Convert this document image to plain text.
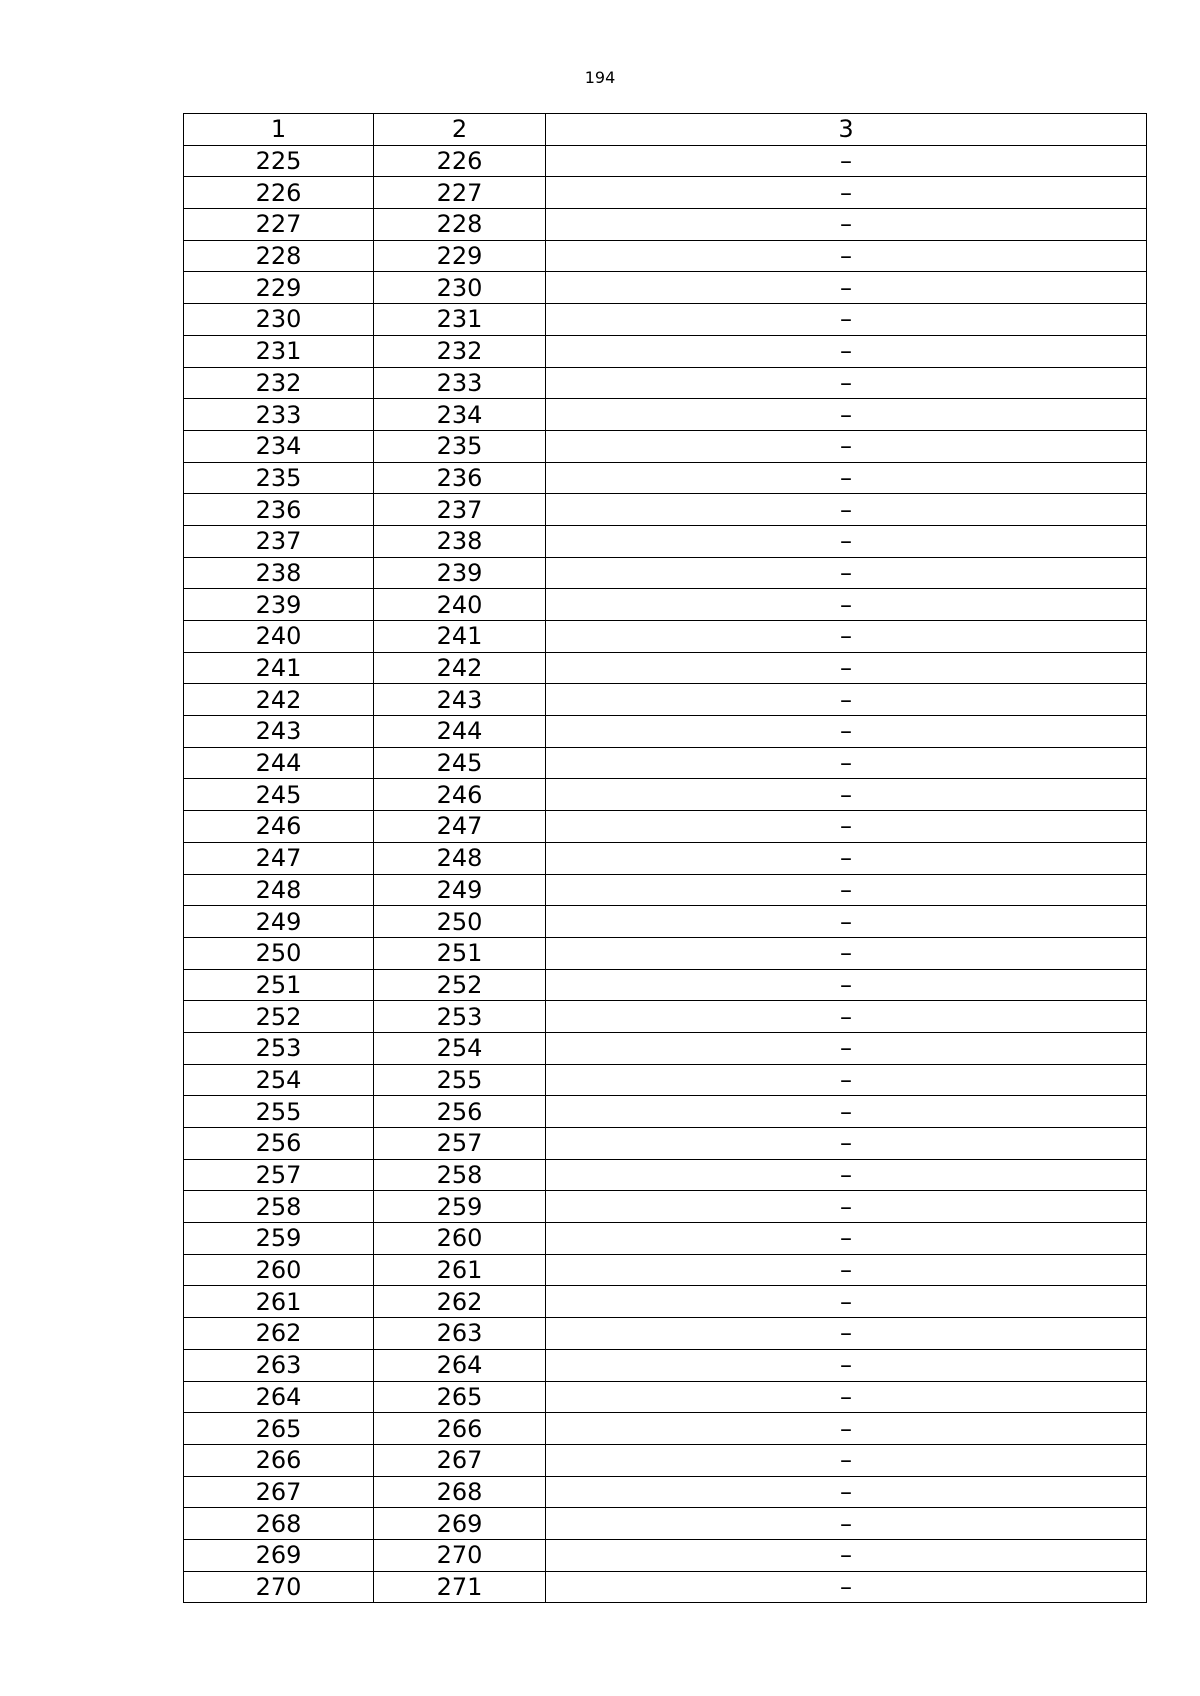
194
1	2	3
225	226	–
226	227	–
227	228	–
228	229	–
229	230	–
230	231	–
231	232	–
232	233	–
233	234	–
234	235	–
235	236	–
236	237	–
237	238	–
238	239	–
239	240	–
240	241	–
241	242	–
242	243	–
243	244	–
244	245	–
245	246	–
246	247	–
247	248	–
248	249	–
249	250	–
250	251	–
251	252	–
252	253	–
253	254	–
254	255	–
255	256	–
256	257	–
257	258	–
258	259	–
259	260	–
260	261	–
261	262	–
262	263	–
263	264	–
264	265	–
265	266	–
266	267	–
267	268	–
268	269	–
269	270	–
270	271	–
